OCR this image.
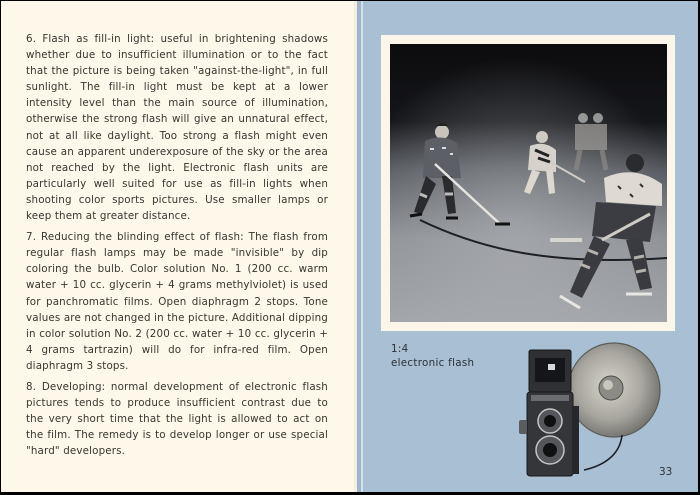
6. Flash as fill-in light: useful in brightening shadows whether due to insufficient illumination or to the fact that the picture is being taken "against-the-light", in full sunlight. The fill-in light must be kept at a lower intensity level than the main source of illumination, otherwise the strong flash will give an unnatural effect, not at all like daylight. Too strong a flash might even cause an apparent underexposure of the sky or the area not reached by the light. Electronic flash units are particularly well suited for use as fill-in lights when shooting color sports pictures. Use smaller lamps or keep them at greater distance.

7. Reducing the blinding effect of flash: The flash from regular flash lamps may be made "invisible" by dip coloring the bulb. Color solution No. 1 (200 cc. warm water + 10 cc. glycerin + 4 grams methylviolet) is used for panchromatic films. Open diaphragm 2 stops. Tone values are not changed in the picture. Additional dipping in color solution No. 2 (200 cc. water + 10 cc. glycerin + 4 grams tartrazin) will do for infra-red film. Open diaphragm 3 stops.

8. Developing: normal development of electronic flash pictures tends to produce insufficient contrast due to the very short time that the light is allowed to act on the film. The remedy is to develop longer or use special "hard" developers.

1:4
electronic flash
33
